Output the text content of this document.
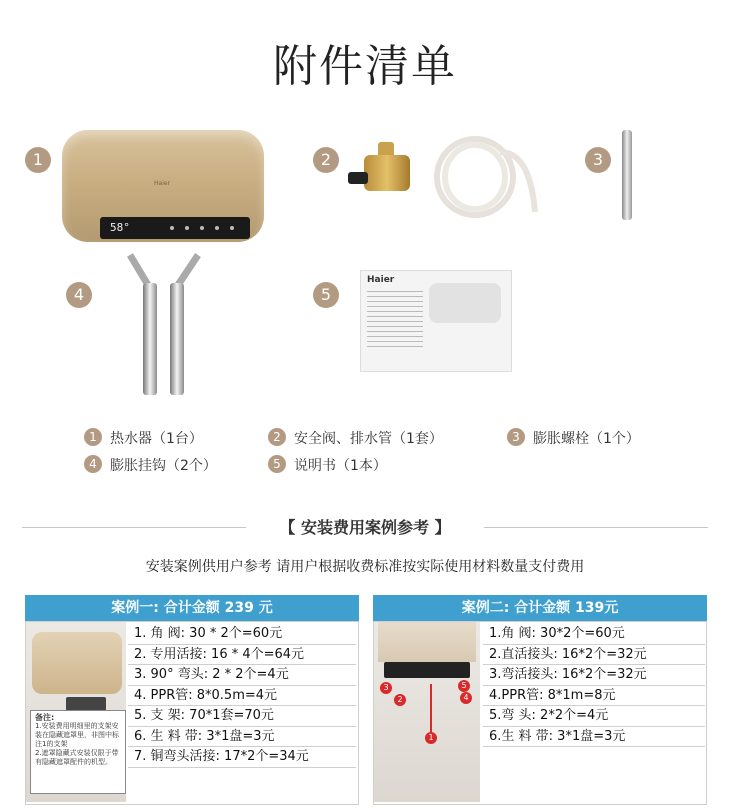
附件清单
1
Haier
58°
2	3
4	5
Haier
1 热水器（1台）	2 安全阀、排水管（1套）	3 膨胀螺栓（1个）
4 膨胀挂钩（2个）	5 说明书（1本）
【 安装费用案例参考 】
安装案例供用户参考 请用户根据收费标准按实际使用材料数量支付费用
案例一: 合计金额 239 元
备注:
1.安装费用明细里的支架安装在隐藏遮罩里，非图中标注1的支架
2.遮罩隐藏式安装仅限于带有隐藏遮罩配件的机型。
1. 角 阀: 30 * 2个=60元
2. 专用活接: 16 * 4个=64元
3. 90° 弯头: 2 * 2个=4元
4. PPR管: 8*0.5m=4元
5. 支 架: 70*1套=70元
6. 生 料 带: 3*1盘=3元
7. 铜弯头活接: 17*2个=34元
案例二: 合计金额 139元
3
2
5
4
1
1.角 阀: 30*2个=60元
2.直活接头: 16*2个=32元
3.弯活接头: 16*2个=32元
4.PPR管: 8*1m=8元
5.弯 头: 2*2个=4元
6.生 料 带: 3*1盘=3元
